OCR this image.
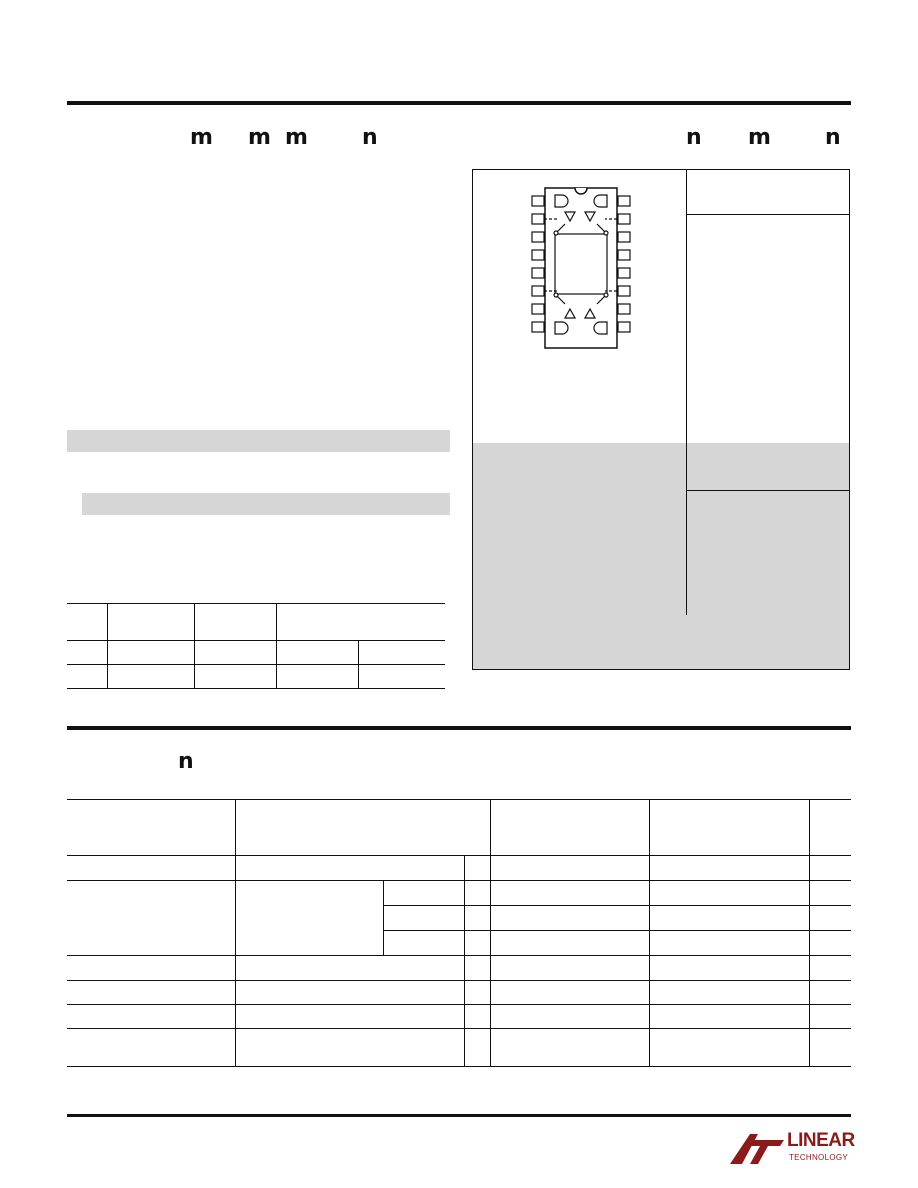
m m m n	n m n
n
LINEAR
TECHNOLOGY
